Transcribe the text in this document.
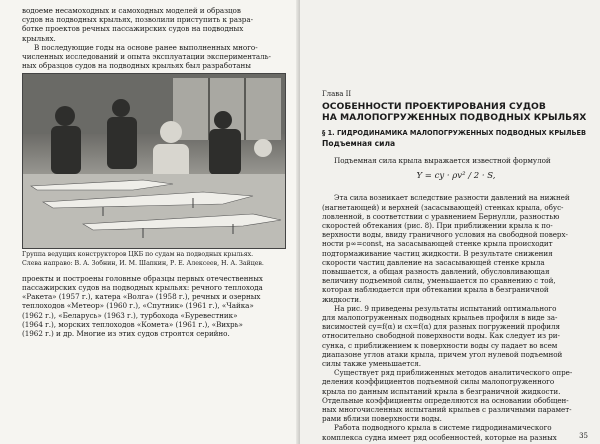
водоеме несамоходных и самоходных моделей и образцов
судов на подводных крыльях, позволили приступить к разра-
ботке проектов речных пассажирских судов на подводных
крыльях.

В последующие годы на основе ранее выполненных много-
численных исследований и опыта эксплуатации эксперименталь-
ных образцов судов на подводных крыльях был разработаны

Группа ведущих конструкторов ЦКБ по судам на подводных крыльях.
Слева направо: В. А. Зобнин, И. М. Шапкин, Р. Е. Алексеев, Н. А. Зайцев.

проекты и построены головные образцы первых отечественных
пассажирских судов на подводных крыльях: речного теплохода
«Ракета» (1957 г.), катера «Волга» (1958 г.), речных и озерных
теплоходов «Метеор» (1960 г.), «Спутник» (1961 г.), «Чайка»
(1962 г.), «Беларусь» (1963 г.), турбохода «Буревестник»
(1964 г.), морских теплоходов «Комета» (1961 г.), «Вихрь»
(1962 г.) и др. Многие из этих судов строятся серийно.

Глава II
ОСОБЕННОСТИ ПРОЕКТИРОВАНИЯ СУДОВ
НА МАЛОПОГРУЖЕННЫХ ПОДВОДНЫХ КРЫЛЬЯХ
§ 1. ГИДРОДИНАМИКА МАЛОПОГРУЖЕННЫХ ПОДВОДНЫХ КРЫЛЬЕВ
Подъемная сила

Подъемная сила крыла выражается известной формулой

Y = cy · ρv² / 2 · S,

Эта сила возникает вследствие разности давлений на нижней
(нагнетающей) и верхней (засасывающей) стенках крыла, обус-
ловленной, в соответствии с уравнением Бернулли, разностью
скоростей обтекания (рис. 8). При приближении крыла к по-
верхности воды, ввиду граничного условия на свободной поверх-
ности p∞=const, на засасывающей стенке крыла происходит
подтормаживание частиц жидкости. В результате снижения
скорости частиц давление на засасывающей стенке крыла
повышается, а общая разность давлений, обусловливающая
величину подъемной силы, уменьшается по сравнению с той,
которая наблюдается при обтекании крыла в безграничной
жидкости.

На рис. 9 приведены результаты испытаний оптимального
для малопогруженных подводных крыльев профиля в виде за-
висимостей cy=f(α) и cx=f(α) для разных погружений профиля
относительно свободной поверхности воды. Как следует из ри-
сунка, с приближением к поверхности воды cy падает во всем
диапазоне углов атаки крыла, причем угол нулевой подъемной
силы также уменьшается.

Существует ряд приближенных методов аналитического опре-
деления коэффициентов подъемной силы малопогруженного
крыла по данным испытаний крыла в безграничной жидкости.
Отдельные коэффициенты определяются на основании обобщен-
ных многочисленных испытаний крыльев с различными парамет-
рами вблизи поверхности воды.

Работа подводного крыла в системе гидродинамического
комплекса судна имеет ряд особенностей, которые на разных	35
